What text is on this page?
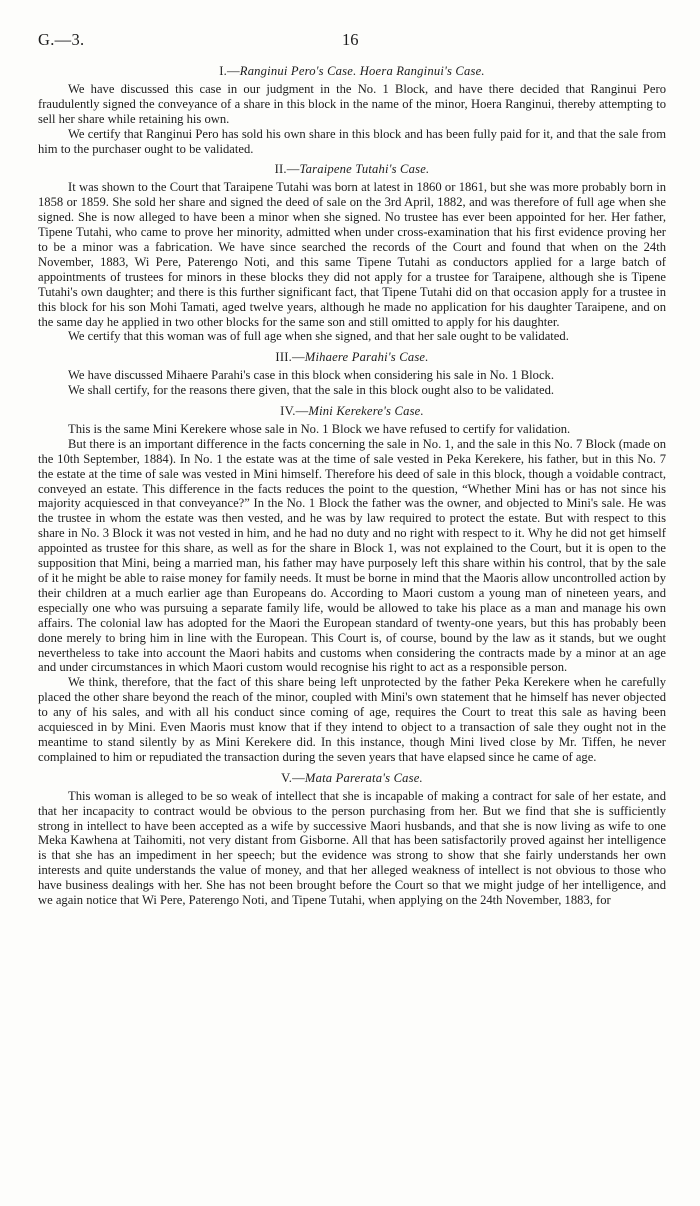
G.—3.	16
I.—Ranginui Pero's Case. Hoera Ranginui's Case.

We have discussed this case in our judgment in the No. 1 Block, and have there decided that Ranginui Pero fraudulently signed the conveyance of a share in this block in the name of the minor, Hoera Ranginui, thereby attempting to sell her share while retaining his own.

We certify that Ranginui Pero has sold his own share in this block and has been fully paid for it, and that the sale from him to the purchaser ought to be validated.

II.—Taraipene Tutahi's Case.

It was shown to the Court that Taraipene Tutahi was born at latest in 1860 or 1861, but she was more probably born in 1858 or 1859. She sold her share and signed the deed of sale on the 3rd April, 1882, and was therefore of full age when she signed. She is now alleged to have been a minor when she signed. No trustee has ever been appointed for her. Her father, Tipene Tutahi, who came to prove her minority, admitted when under cross-examination that his first evidence proving her to be a minor was a fabrication. We have since searched the records of the Court and found that when on the 24th November, 1883, Wi Pere, Paterengo Noti, and this same Tipene Tutahi as conductors applied for a large batch of appointments of trustees for minors in these blocks they did not apply for a trustee for Taraipene, although she is Tipene Tutahi's own daughter; and there is this further significant fact, that Tipene Tutahi did on that occasion apply for a trustee in this block for his son Mohi Tamati, aged twelve years, although he made no application for his daughter Taraipene, and on the same day he applied in two other blocks for the same son and still omitted to apply for his daughter.

We certify that this woman was of full age when she signed, and that her sale ought to be validated.

III.—Mihaere Parahi's Case.

We have discussed Mihaere Parahi's case in this block when considering his sale in No. 1 Block.

We shall certify, for the reasons there given, that the sale in this block ought also to be validated.

IV.—Mini Kerekere's Case.

This is the same Mini Kerekere whose sale in No. 1 Block we have refused to certify for validation.

But there is an important difference in the facts concerning the sale in No. 1, and the sale in this No. 7 Block (made on the 10th September, 1884). In No. 1 the estate was at the time of sale vested in Peka Kerekere, his father, but in this No. 7 the estate at the time of sale was vested in Mini himself. Therefore his deed of sale in this block, though a voidable contract, conveyed an estate. This difference in the facts reduces the point to the question, “Whether Mini has or has not since his majority acquiesced in that conveyance?” In the No. 1 Block the father was the owner, and objected to Mini's sale. He was the trustee in whom the estate was then vested, and he was by law required to protect the estate. But with respect to this share in No. 3 Block it was not vested in him, and he had no duty and no right with respect to it. Why he did not get himself appointed as trustee for this share, as well as for the share in Block 1, was not explained to the Court, but it is open to the supposition that Mini, being a married man, his father may have purposely left this share within his control, that by the sale of it he might be able to raise money for family needs. It must be borne in mind that the Maoris allow uncontrolled action by their children at a much earlier age than Europeans do. According to Maori custom a young man of nineteen years, and especially one who was pursuing a separate family life, would be allowed to take his place as a man and manage his own affairs. The colonial law has adopted for the Maori the European standard of twenty-one years, but this has probably been done merely to bring him in line with the European. This Court is, of course, bound by the law as it stands, but we ought nevertheless to take into account the Maori habits and customs when considering the contracts made by a minor at an age and under circumstances in which Maori custom would recognise his right to act as a responsible person.

We think, therefore, that the fact of this share being left unprotected by the father Peka Kerekere when he carefully placed the other share beyond the reach of the minor, coupled with Mini's own statement that he himself has never objected to any of his sales, and with all his conduct since coming of age, requires the Court to treat this sale as having been acquiesced in by Mini. Even Maoris must know that if they intend to object to a transaction of sale they ought not in the meantime to stand silently by as Mini Kerekere did. In this instance, though Mini lived close by Mr. Tiffen, he never complained to him or repudiated the transaction during the seven years that have elapsed since he came of age.

V.—Mata Parerata's Case.

This woman is alleged to be so weak of intellect that she is incapable of making a contract for sale of her estate, and that her incapacity to contract would be obvious to the person purchasing from her. But we find that she is sufficiently strong in intellect to have been accepted as a wife by successive Maori husbands, and that she is now living as wife to one Meka Kawhena at Taihomiti, not very distant from Gisborne. All that has been satisfactorily proved against her intelligence is that she has an impediment in her speech; but the evidence was strong to show that she fairly understands her own interests and quite understands the value of money, and that her alleged weakness of intellect is not obvious to those who have business dealings with her. She has not been brought before the Court so that we might judge of her intelligence, and we again notice that Wi Pere, Paterengo Noti, and Tipene Tutahi, when applying on the 24th November, 1883, for
